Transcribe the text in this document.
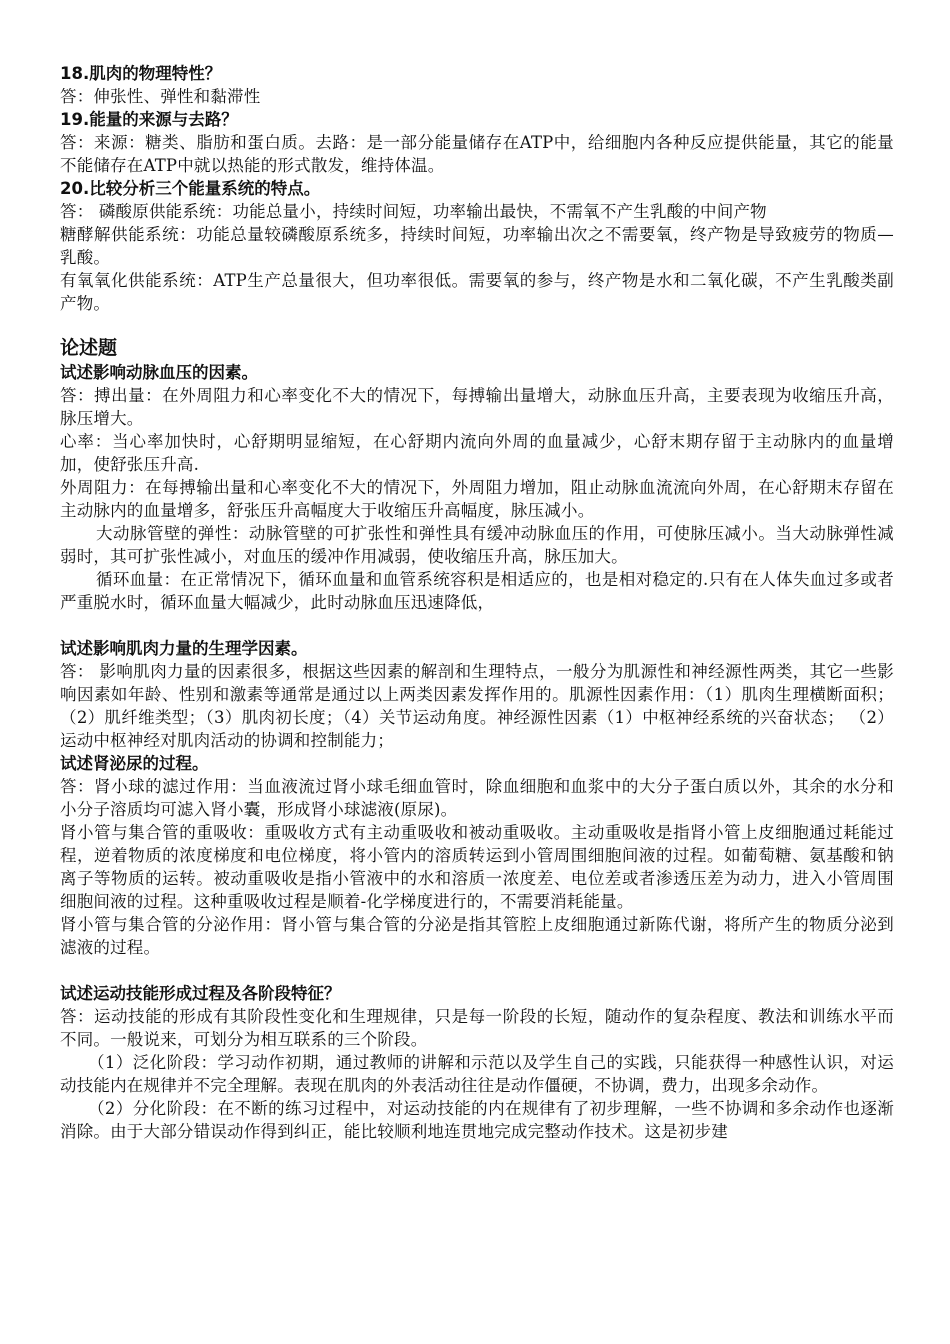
18.肌肉的物理特性？

答：伸张性、弹性和黏滞性

19.能量的来源与去路？

答：来源：糖类、脂肪和蛋白质。去路：是一部分能量储存在ATP中，给细胞内各种反应提供能量，其它的能量不能储存在ATP中就以热能的形式散发，维持体温。

20.比较分析三个能量系统的特点。

答： 磷酸原供能系统：功能总量小，持续时间短，功率输出最快，不需氧不产生乳酸的中间产物

糖酵解供能系统：功能总量较磷酸原系统多，持续时间短，功率输出次之不需要氧，终产物是导致疲劳的物质—乳酸。

有氧氧化供能系统：ATP生产总量很大，但功率很低。需要氧的参与，终产物是水和二氧化碳，不产生乳酸类副产物。

论述题

试述影响动脉血压的因素。

答：搏出量：在外周阻力和心率变化不大的情况下，每搏输出量增大，动脉血压升高，主要表现为收缩压升高，脉压增大。

心率：当心率加快时，心舒期明显缩短，在心舒期内流向外周的血量减少，心舒末期存留于主动脉内的血量增加，使舒张压升高.

外周阻力：在每搏输出量和心率变化不大的情况下，外周阻力增加，阻止动脉血流流向外周，在心舒期末存留在主动脉内的血量增多，舒张压升高幅度大于收缩压升高幅度，脉压减小。

大动脉管壁的弹性：动脉管壁的可扩张性和弹性具有缓冲动脉血压的作用，可使脉压减小。当大动脉弹性减弱时，其可扩张性减小，对血压的缓冲作用减弱，使收缩压升高，脉压加大。

循环血量：在正常情况下，循环血量和血管系统容积是相适应的，也是相对稳定的.只有在人体失血过多或者严重脱水时，循环血量大幅减少，此时动脉血压迅速降低，

试述影响肌肉力量的生理学因素。

答： 影响肌肉力量的因素很多，根据这些因素的解剖和生理特点，一般分为肌源性和神经源性两类，其它一些影响因素如年龄、性别和激素等通常是通过以上两类因素发挥作用的。肌源性因素作用：（1）肌肉生理横断面积；（2）肌纤维类型；（3）肌肉初长度；（4）关节运动角度。神经源性因素（1）中枢神经系统的兴奋状态； （2）运动中枢神经对肌肉活动的协调和控制能力；

试述肾泌尿的过程。

答：肾小球的滤过作用：当血液流过肾小球毛细血管时，除血细胞和血浆中的大分子蛋白质以外，其余的水分和小分子溶质均可滤入肾小囊，形成肾小球滤液(原尿)。

肾小管与集合管的重吸收：重吸收方式有主动重吸收和被动重吸收。主动重吸收是指肾小管上皮细胞通过耗能过程，逆着物质的浓度梯度和电位梯度，将小管内的溶质转运到小管周围细胞间液的过程。如葡萄糖、氨基酸和钠离子等物质的运转。被动重吸收是指小管液中的水和溶质一浓度差、电位差或者渗透压差为动力，进入小管周围细胞间液的过程。这种重吸收过程是顺着-化学梯度进行的，不需要消耗能量。

肾小管与集合管的分泌作用：肾小管与集合管的分泌是指其管腔上皮细胞通过新陈代谢，将所产生的物质分泌到滤液的过程。

试述运动技能形成过程及各阶段特征？

答：运动技能的形成有其阶段性变化和生理规律，只是每一阶段的长短，随动作的复杂程度、教法和训练水平而不同。一般说来，可划分为相互联系的三个阶段。

（1）泛化阶段：学习动作初期，通过教师的讲解和示范以及学生自己的实践，只能获得一种感性认识，对运动技能内在规律并不完全理解。表现在肌肉的外表活动往往是动作僵硬，不协调，费力，出现多余动作。

（2）分化阶段：在不断的练习过程中，对运动技能的内在规律有了初步理解，一些不协调和多余动作也逐渐消除。由于大部分错误动作得到纠正，能比较顺利地连贯地完成完整动作技术。这是初步建
